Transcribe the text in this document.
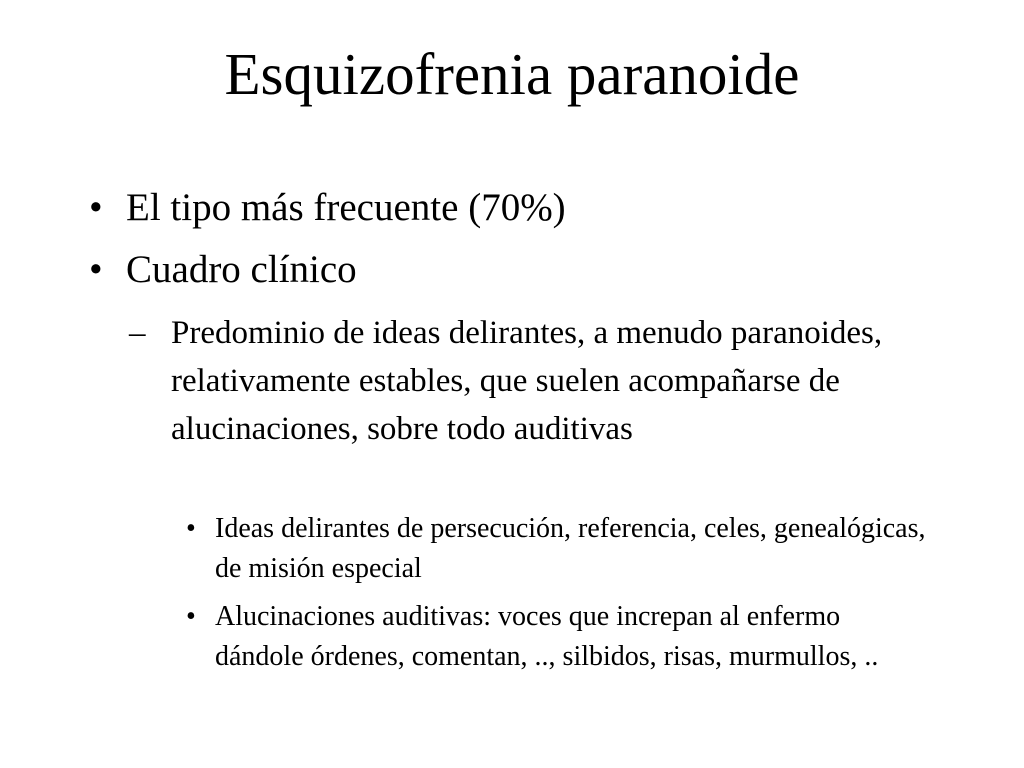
Esquizofrenia paranoide
• El tipo más frecuente (70%)
• Cuadro clínico
– Predominio de ideas delirantes, a menudo paranoides, relativamente estables, que suelen acompañarse de alucinaciones, sobre todo auditivas
• Ideas delirantes de persecución, referencia, celes, genealógicas, de misión especial
• Alucinaciones auditivas: voces que increpan al enfermo dándole órdenes, comentan, .., silbidos, risas, murmullos, ..
